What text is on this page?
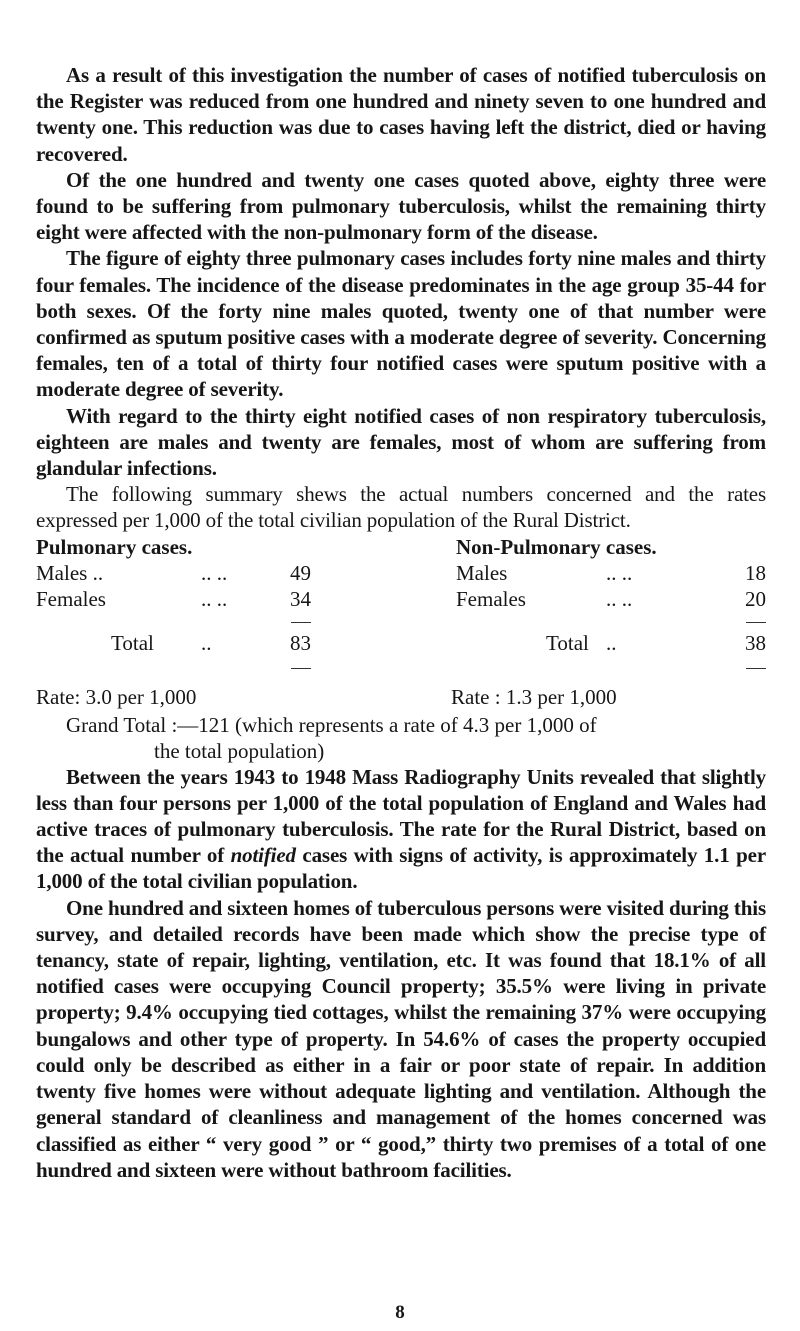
As a result of this investigation the number of cases of notified tuberculosis on the Register was reduced from one hundred and ninety seven to one hundred and twenty one. This reduction was due to cases having left the district, died or having recovered.

Of the one hundred and twenty one cases quoted above, eighty three were found to be suffering from pulmonary tuberculosis, whilst the remaining thirty eight were affected with the non-pulmonary form of the disease.

The figure of eighty three pulmonary cases includes forty nine males and thirty four females. The incidence of the disease predominates in the age group 35-44 for both sexes. Of the forty nine males quoted, twenty one of that number were confirmed as sputum positive cases with a moderate degree of severity. Concerning females, ten of a total of thirty four notified cases were sputum positive with a moderate degree of severity.

With regard to the thirty eight notified cases of non respiratory tuberculosis, eighteen are males and twenty are females, most of whom are suffering from glandular infections.

The following summary shews the actual numbers concerned and the rates expressed per 1,000 of the total civilian population of the Rural District.

Pulmonary cases.
Males ..	.. ..	49
Females	.. ..	34
Total ..	83
Rate: 3.0 per 1,000
Non-Pulmonary cases.
Males	.. ..	18
Females	.. ..	20
Total ..	38
Rate : 1.3 per 1,000

Grand Total :—121 (which represents a rate of 4.3 per 1,000 of

the total population)

Between the years 1943 to 1948 Mass Radiography Units revealed that slightly less than four persons per 1,000 of the total population of England and Wales had active traces of pulmonary tuberculosis. The rate for the Rural District, based on the actual number of notified cases with signs of activity, is approximately 1.1 per 1,000 of the total civilian population.

One hundred and sixteen homes of tuberculous persons were visited during this survey, and detailed records have been made which show the precise type of tenancy, state of repair, lighting, ventilation, etc. It was found that 18.1% of all notified cases were occupying Council property; 35.5% were living in private property; 9.4% occupying tied cottages, whilst the remaining 37% were occupying bungalows and other type of property. In 54.6% of cases the property occupied could only be described as either in a fair or poor state of repair. In addition twenty five homes were without adequate lighting and ventilation. Although the general standard of cleanliness and management of the homes concerned was classified as either “ very good ” or “ good,” thirty two premises of a total of one hundred and sixteen were without bathroom facilities.

8
